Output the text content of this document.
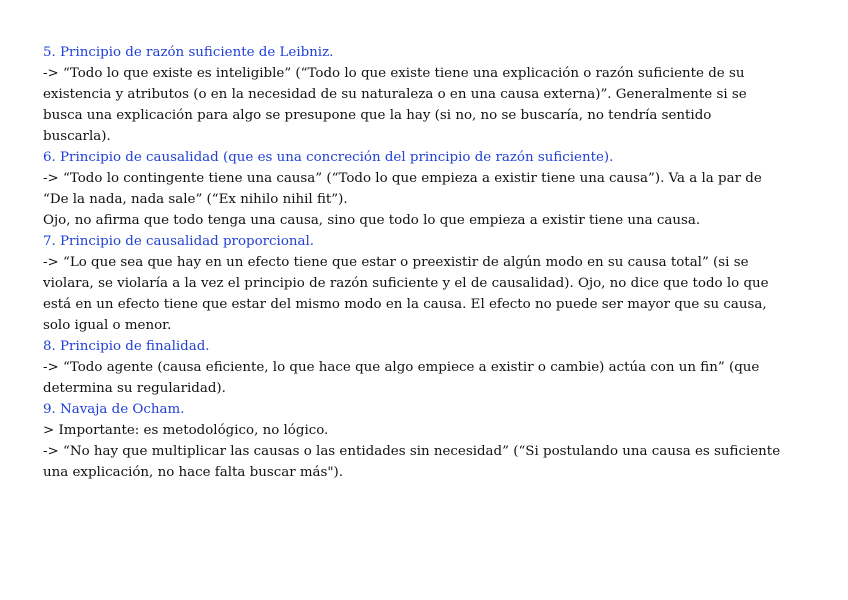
5. Principio de razón suficiente de Leibniz.
-> “Todo lo que existe es inteligible” (“Todo lo que existe tiene una explicación o razón suficiente de su
existencia y atributos (o en la necesidad de su naturaleza o en una causa externa)”. Generalmente si se
busca una explicación para algo se presupone que la hay (si no, no se buscaría, no tendría sentido
buscarla).
6. Principio de causalidad (que es una concreción del principio de razón suficiente).
-> “Todo lo contingente tiene una causa” (“Todo lo que empieza a existir tiene una causa”). Va a la par de
“De la nada, nada sale” (“Ex nihilo nihil fit”).
Ojo, no afirma que todo tenga una causa, sino que todo lo que empieza a existir tiene una causa.
7. Principio de causalidad proporcional.
-> “Lo que sea que hay en un efecto tiene que estar o preexistir de algún modo en su causa total” (si se
violara, se violaría a la vez el principio de razón suficiente y el de causalidad). Ojo, no dice que todo lo que
está en un efecto tiene que estar del mismo modo en la causa. El efecto no puede ser mayor que su causa,
solo igual o menor.
8. Principio de finalidad.
-> “Todo agente (causa eficiente, lo que hace que algo empiece a existir o cambie) actúa con un fin” (que
determina su regularidad).
9. Navaja de Ocham.
> Importante: es metodológico, no lógico.
-> “No hay que multiplicar las causas o las entidades sin necesidad” (“Si postulando una causa es suficiente
una explicación, no hace falta buscar más").
